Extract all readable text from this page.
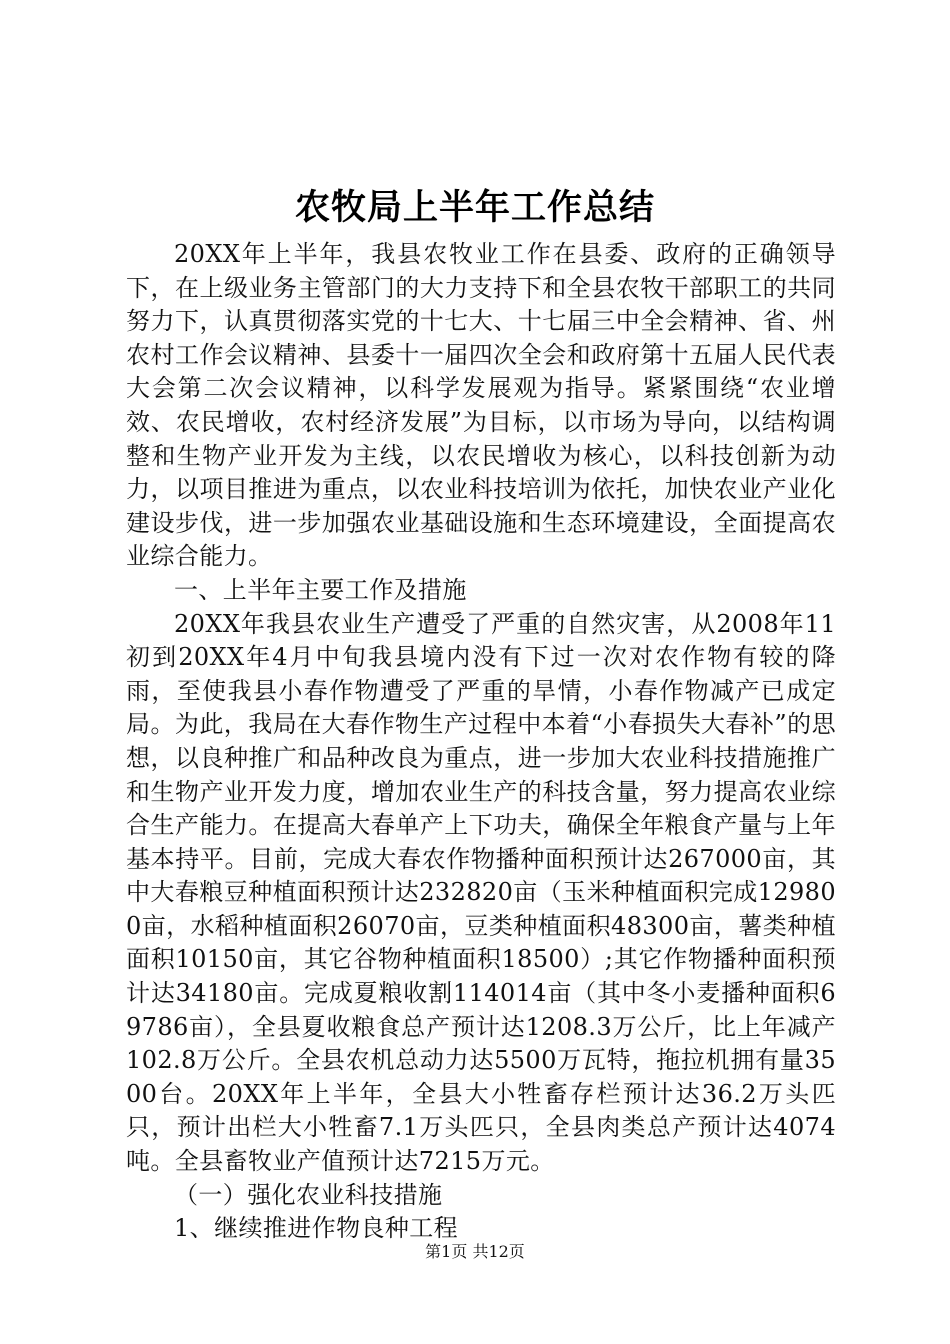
农牧局上半年工作总结

20XX年上半年，我县农牧业工作在县委、政府的正确领导下，在上级业务主管部门的大力支持下和全县农牧干部职工的共同努力下，认真贯彻落实党的十七大、十七届三中全会精神、省、州农村工作会议精神、县委十一届四次全会和政府第十五届人民代表大会第二次会议精神，以科学发展观为指导。紧紧围绕“农业增效、农民增收，农村经济发展”为目标，以市场为导向，以结构调整和生物产业开发为主线，以农民增收为核心，以科技创新为动力，以项目推进为重点，以农业科技培训为依托，加快农业产业化建设步伐，进一步加强农业基础设施和生态环境建设，全面提高农业综合能力。

一、上半年主要工作及措施

20XX年我县农业生产遭受了严重的自然灾害，从2008年11初到20XX年4月中旬我县境内没有下过一次对农作物有较的降雨，至使我县小春作物遭受了严重的旱情，小春作物减产已成定局。为此，我局在大春作物生产过程中本着“小春损失大春补”的思想，以良种推广和品种改良为重点，进一步加大农业科技措施推广和生物产业开发力度，增加农业生产的科技含量，努力提高农业综合生产能力。在提高大春单产上下功夫，确保全年粮食产量与上年基本持平。目前，完成大春农作物播种面积预计达267000亩，其中大春粮豆种植面积预计达232820亩（玉米种植面积完成129800亩，水稻种植面积26070亩，豆类种植面积48300亩，薯类种植面积10150亩，其它谷物种植面积18500）;其它作物播种面积预计达34180亩。完成夏粮收割114014亩（其中冬小麦播种面积69786亩），全县夏收粮食总产预计达1208.3万公斤，比上年减产102.8万公斤。全县农机总动力达5500万瓦特，拖拉机拥有量3500台。20XX年上半年，全县大小牲畜存栏预计达36.2万头匹只，预计出栏大小牲畜7.1万头匹只，全县肉类总产预计达4074吨。全县畜牧业产值预计达7215万元。

（一）强化农业科技措施

1、继续推进作物良种工程

第1页 共12页
